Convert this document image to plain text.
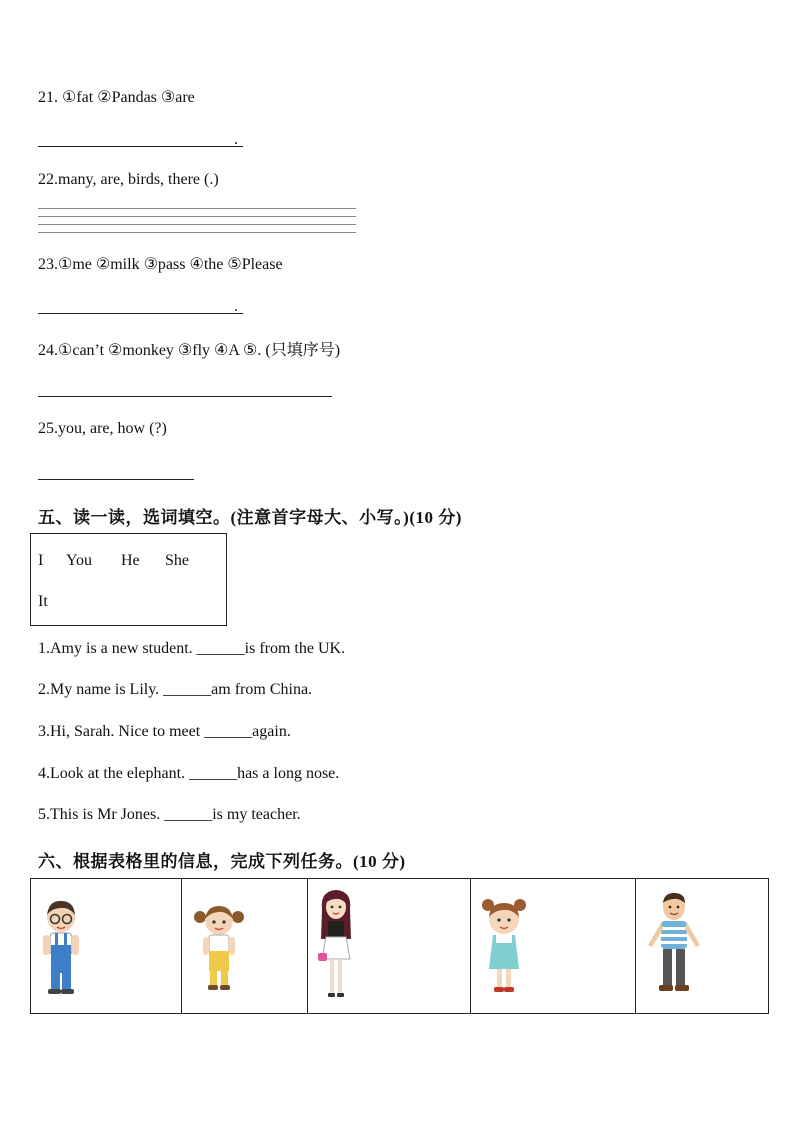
21. ①fat ②Pandas ③are
.
22.many, are, birds, there (.)
23.①me ②milk ③pass ④the ⑤Please
.
24.①can’t ②monkey ③fly ④A ⑤. (只填序号)
25.you, are, how (?)
五、读一读，选词填空。(注意首字母大、小写。)(10 分)
I You He She
It
1.Amy is a new student. ______is from the UK.
2.My name is Lily. ______am from China.
3.Hi, Sarah. Nice to meet ______again.
4.Look at the elephant. ______has a long nose.
5.This is Mr Jones. ______is my teacher.
六、根据表格里的信息，完成下列任务。(10 分)
